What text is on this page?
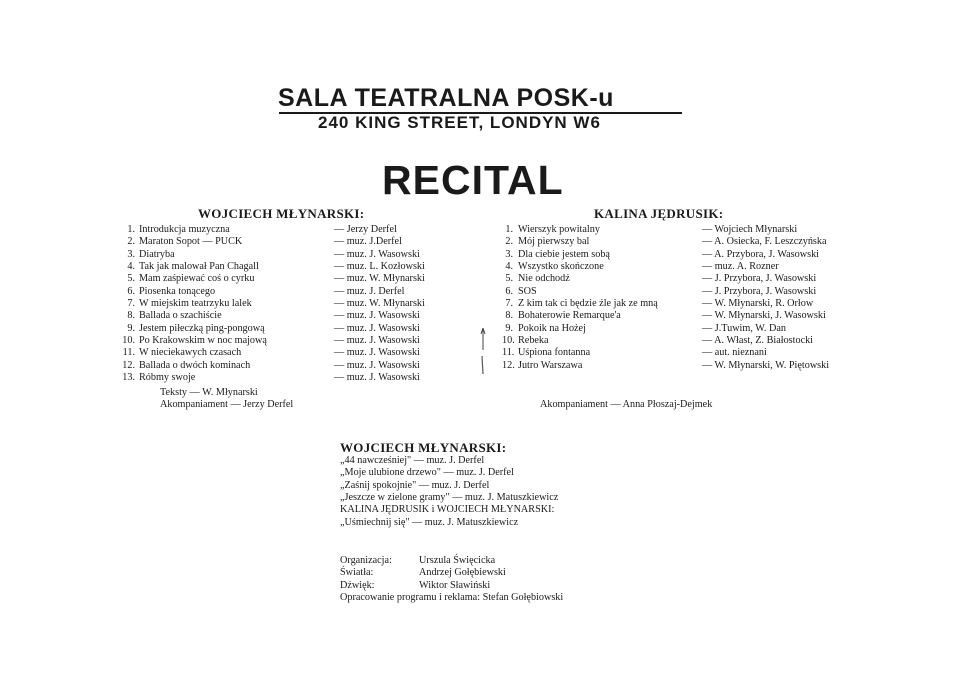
SALA TEATRALNA POSK-u
240 KING STREET, LONDYN W6
RECITAL
WOJCIECH MŁYNARSKI:
1. Introdukcja muzyczna	— Jerzy Derfel
2. Maraton Sopot — PUCK	— muz. J.Derfel
3. Diatryba	— muz. J. Wasowski
4. Tak jak malował Pan Chagall	— muz. L. Kozłowski
5. Mam zaśpiewać coś o cyrku	— muz. W. Młynarski
6. Piosenka tonącego	— muz. J. Derfel
7. W miejskim teatrzyku lalek	— muz. W. Młynarski
8. Ballada o szachiście	— muz. J. Wasowski
9. Jestem piłeczką ping-pongową	— muz. J. Wasowski
10. Po Krakowskim w noc majową	— muz. J. Wasowski
11. W nieciekawych czasach	— muz. J. Wasowski
12. Ballada o dwóch kominach	— muz. J. Wasowski
13. Róbmy swoje	— muz. J. Wasowski
Teksty — W. Młynarski
Akompaniament — Jerzy Derfel
KALINA JĘDRUSIK:
1. Wierszyk powitalny	— Wojciech Młynarski
2. Mój pierwszy bal	— A. Osiecka, F. Leszczyńska
3. Dla ciebie jestem sobą	— A. Przybora, J. Wasowski
4. Wszystko skończone	— muz. A. Rozner
5. Nie odchodź	— J. Przybora, J. Wasowski
6. SOS	— J. Przybora, J. Wasowski
7. Z kim tak ci będzie źle jak ze mną	— W. Młynarski, R. Orłow
8. Bohaterowie Remarque'a	— W. Młynarski, J. Wasowski
9. Pokoik na Hożej	— J.Tuwim, W. Dan
10. Rebeka	— A. Włast, Z. Białostocki
11. Uśpiona fontanna	— aut. nieznani
12. Jutro Warszawa	— W. Młynarski, W. Piętowski
Akompaniament — Anna Płoszaj-Dejmek
WOJCIECH MŁYNARSKI:
„44 nawcześniej" — muz. J. Derfel
„Moje ulubione drzewo" — muz. J. Derfel
„Zaśnij spokojnie" — muz. J. Derfel
„Jeszcze w zielone gramy" — muz. J. Matuszkiewicz
KALINA JĘDRUSIK i WOJCIECH MŁYNARSKI:
„Uśmiechnij się" — muz. J. Matuszkiewicz
Organizacja:	Urszula Święcicka
Światła:	Andrzej Gołębiewski
Dźwięk:	Wiktor Sławiński
Opracowanie programu i reklama: Stefan Gołębiowski
